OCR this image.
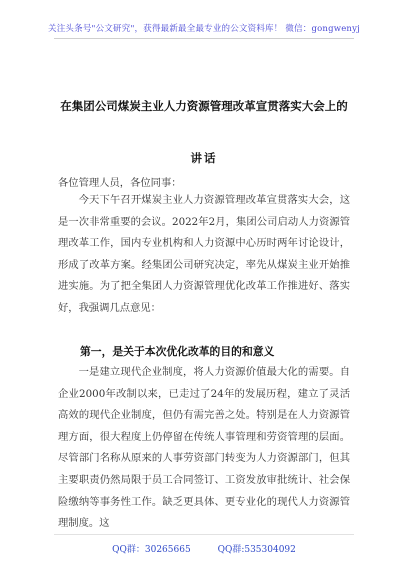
关注头条号"公文研究"，获得最新最全最专业的公文资料库！ 微信：gongwenyj
在集团公司煤炭主业人力资源管理改革宣贯落实大会上的
讲话
各位管理人员，各位同事：
今天下午召开煤炭主业人力资源管理改革宣贯落实大会，这是一次非常重要的会议。2022年2月，集团公司启动人力资源管理改革工作，国内专业机构和人力资源中心历时两年讨论设计，形成了改革方案。经集团公司研究决定，率先从煤炭主业开始推进实施。为了把全集团人力资源管理优化改革工作推进好、落实好，我强调几点意见：
第一，是关于本次优化改革的目的和意义
一是建立现代企业制度，将人力资源价值最大化的需要。自企业2000年改制以来，已走过了24年的发展历程，建立了灵活高效的现代企业制度，但仍有需完善之处。特别是在人力资源管理方面，很大程度上仍停留在传统人事管理和劳资管理的层面。尽管部门名称从原来的人事劳资部门转变为人力资源部门，但其主要职责仍然局限于员工合同签订、工资发放审批统计、社会保险缴纳等事务性工作。缺乏更具体、更专业化的现代人力资源管理制度。这
QQ群：30265665	QQ群:535304092
